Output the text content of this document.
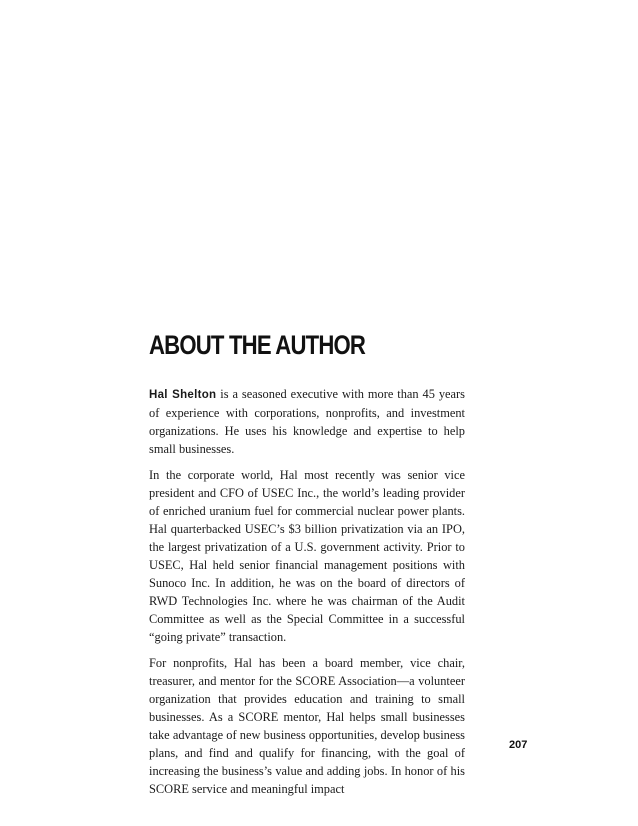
ABOUT THE AUTHOR

Hal Shelton is a seasoned executive with more than 45 years of experience with corporations, nonprofits, and investment organizations. He uses his knowledge and expertise to help small businesses.

In the corporate world, Hal most recently was senior vice president and CFO of USEC Inc., the world’s leading provider of enriched uranium fuel for commercial nuclear power plants. Hal quarterbacked USEC’s $3 billion privatization via an IPO, the largest privatization of a U.S. government activity. Prior to USEC, Hal held senior financial management positions with Sunoco Inc. In addition, he was on the board of directors of RWD Technologies Inc. where he was chairman of the Audit Committee as well as the Special Committee in a successful “going private” transaction.

For nonprofits, Hal has been a board member, vice chair, treasurer, and mentor for the SCORE Association—a volunteer organization that provides education and training to small businesses. As a SCORE mentor, Hal helps small businesses take advantage of new business opportunities, develop business plans, and find and qualify for financing, with the goal of increasing the business’s value and adding jobs. In honor of his SCORE service and meaningful impact

207
